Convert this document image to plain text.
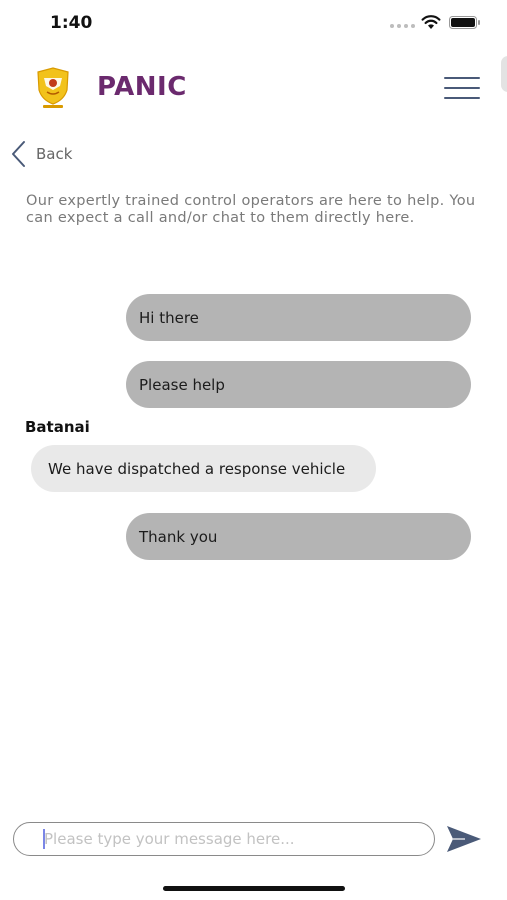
1:40
PANIC
Back
Our expertly trained control operators are here to help. You can expect a call and/or chat to them directly here.
Hi there
Please help
Batanai
We have dispatched a response vehicle
Thank you
Please type your message here...
